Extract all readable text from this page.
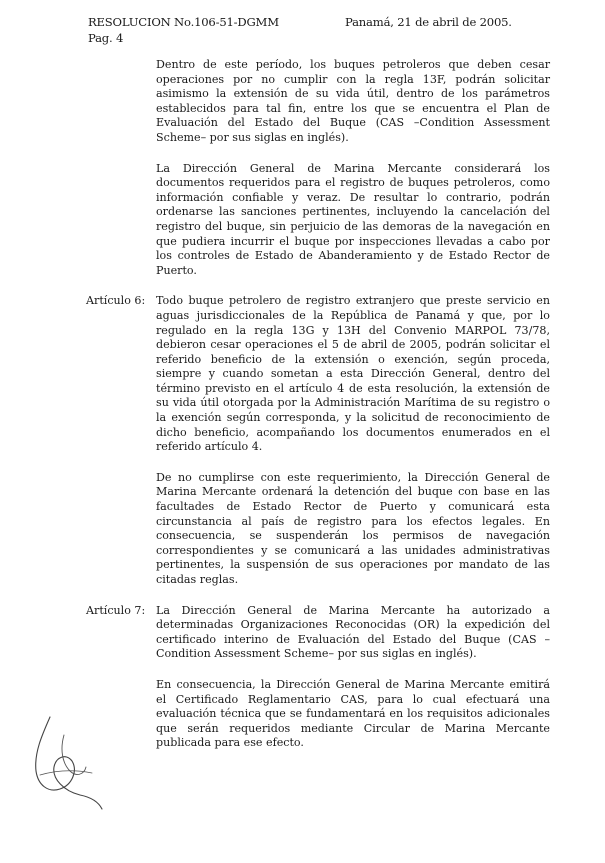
RESOLUCION No.106-51-DGMM	Panamá, 21 de abril de 2005.
Pag. 4

Dentro de este período, los buques petroleros que deben cesar operaciones por no cumplir con la regla 13F, podrán solicitar asimismo la extensión de su vida útil, dentro de los parámetros establecidos para tal fin, entre los que se encuentra el Plan de Evaluación del Estado del Buque (CAS –Condition Assessment Scheme– por sus siglas en inglés).

La Dirección General de Marina Mercante considerará los documentos requeridos para el registro de buques petroleros, como información confiable y veraz. De resultar lo contrario, podrán ordenarse las sanciones pertinentes, incluyendo la cancelación del registro del buque, sin perjuicio de las demoras de la navegación en que pudiera incurrir el buque por inspecciones llevadas a cabo por los controles de Estado de Abanderamiento y de Estado Rector de Puerto.

Artículo 6: Todo buque petrolero de registro extranjero que preste servicio en aguas jurisdiccionales de la República de Panamá y que, por lo regulado en la regla 13G y 13H del Convenio MARPOL 73/78, debieron cesar operaciones el 5 de abril de 2005, podrán solicitar el referido beneficio de la extensión o exención, según proceda, siempre y cuando sometan a esta Dirección General, dentro del término previsto en el artículo 4 de esta resolución, la extensión de su vida útil otorgada por la Administración Marítima de su registro o la exención según corresponda, y la solicitud de reconocimiento de dicho beneficio, acompañando los documentos enumerados en el referido artículo 4.

De no cumplirse con este requerimiento, la Dirección General de Marina Mercante ordenará la detención del buque con base en las facultades de Estado Rector de Puerto y comunicará esta circunstancia al país de registro para los efectos legales. En consecuencia, se suspenderán los permisos de navegación correspondientes y se comunicará a las unidades administrativas pertinentes, la suspensión de sus operaciones por mandato de las citadas reglas.

Artículo 7: La Dirección General de Marina Mercante ha autorizado a determinadas Organizaciones Reconocidas (OR) la expedición del certificado interino de Evaluación del Estado del Buque (CAS – Condition Assessment Scheme– por sus siglas en inglés).

En consecuencia, la Dirección General de Marina Mercante emitirá el Certificado Reglamentario CAS, para lo cual efectuará una evaluación técnica que se fundamentará en los requisitos adicionales que serán requeridos mediante Circular de Marina Mercante publicada para ese efecto.
